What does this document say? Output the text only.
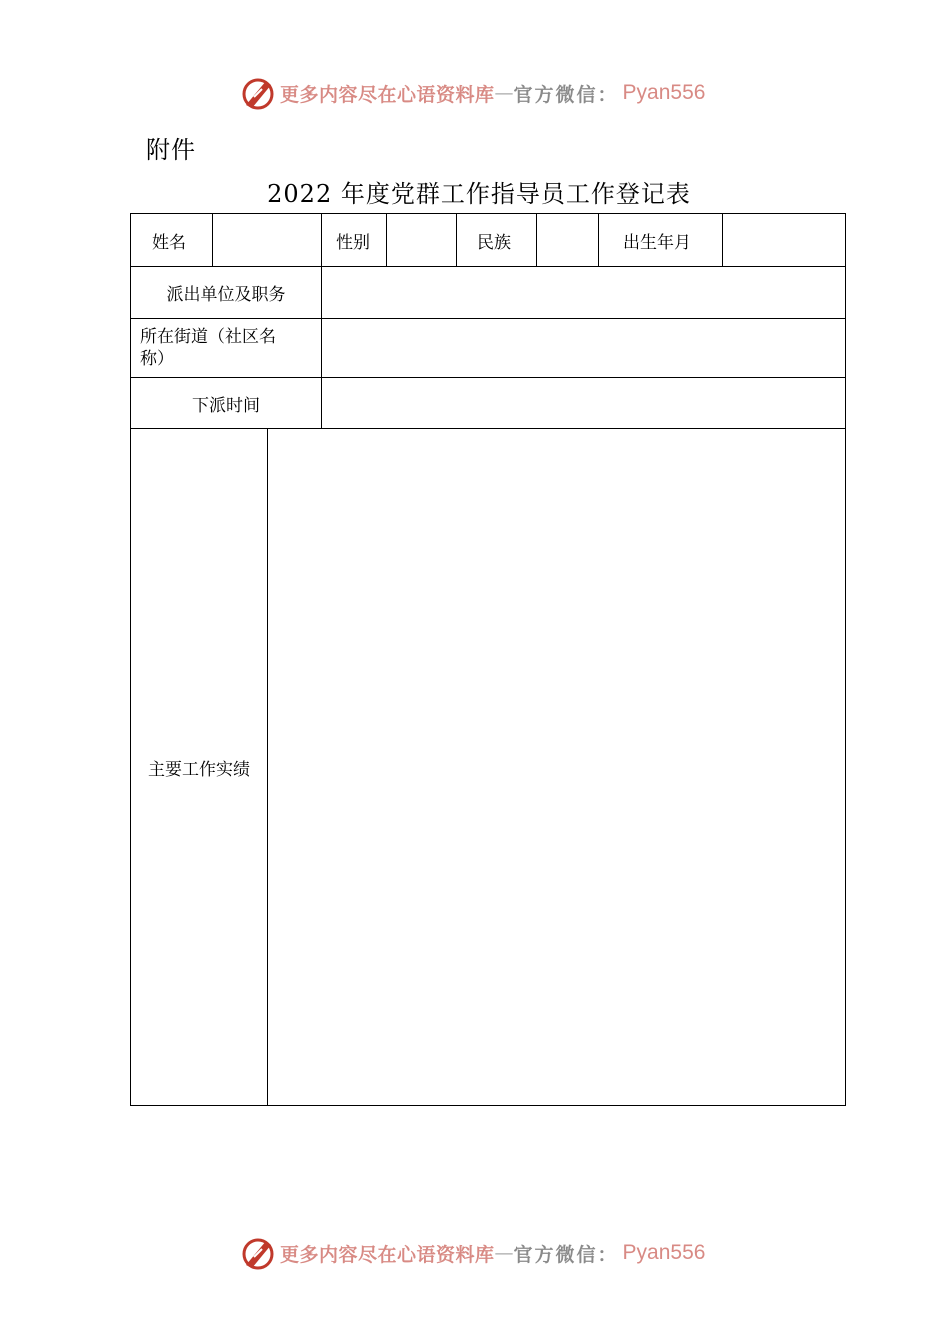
更多内容尽在心语资料库 — 官方微信： Pyan556
附件
2022 年度党群工作指导员工作登记表
姓名	性别	民族	出生年月
派出单位及职务
所在街道（社区名称）
下派时间
主要工作实绩
更多内容尽在心语资料库 — 官方微信： Pyan556
